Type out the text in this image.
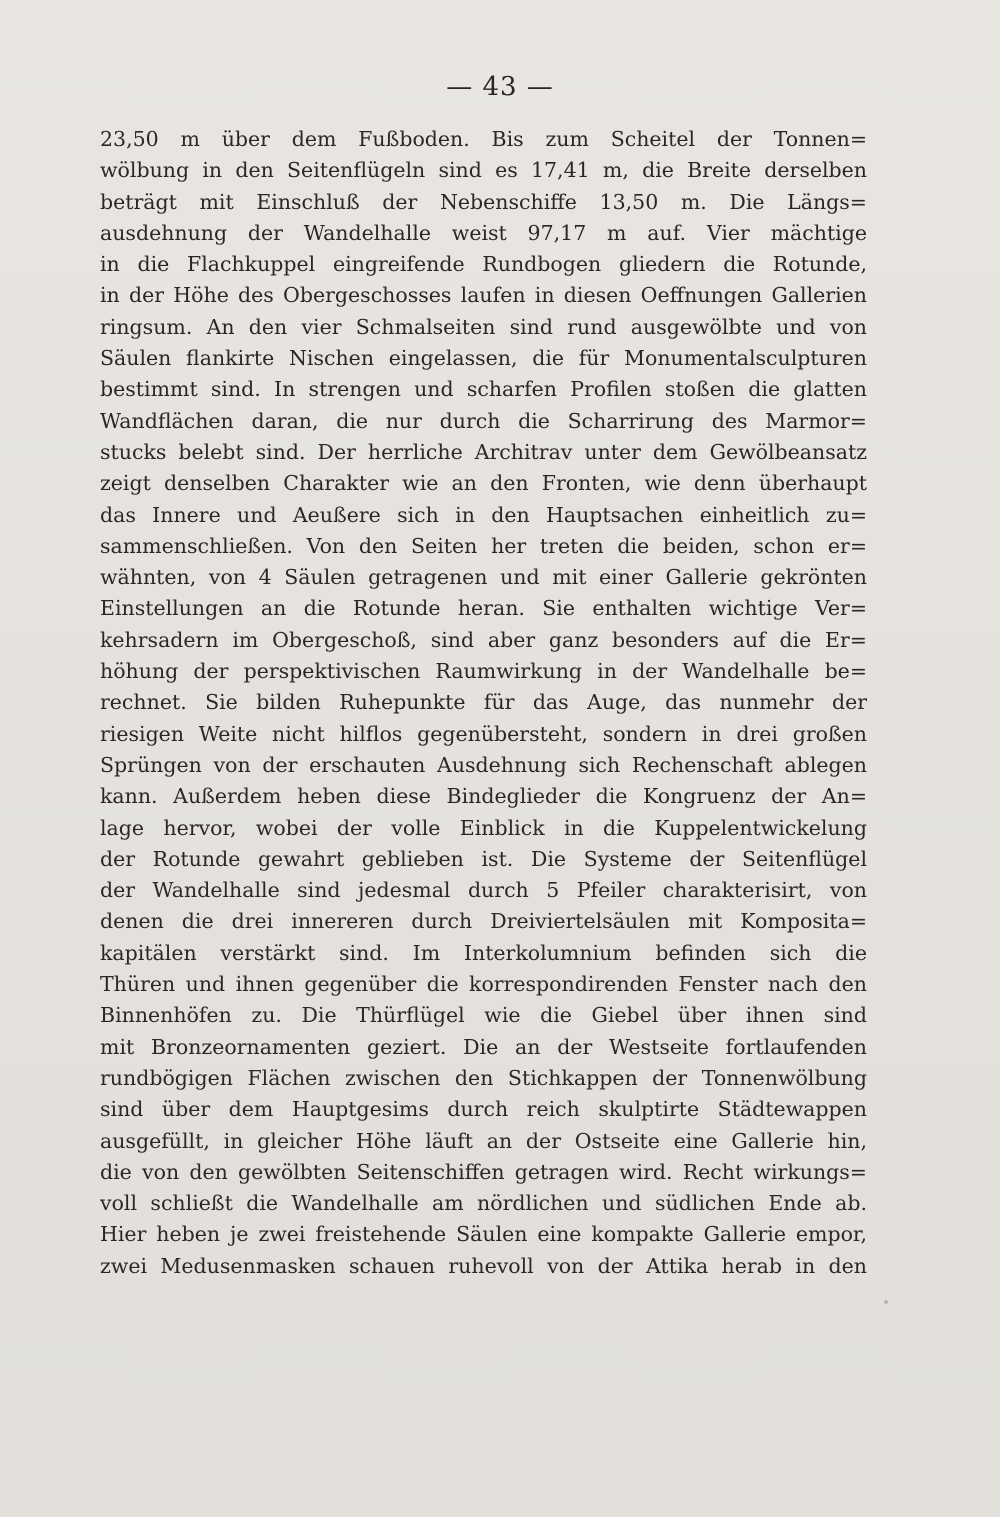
— 43 —
23,50 m über dem Fußboden. Bis zum Scheitel der Tonnen=
wölbung in den Seitenflügeln sind es 17,41 m, die Breite derselben
beträgt mit Einschluß der Nebenschiffe 13,50 m. Die Längs=
ausdehnung der Wandelhalle weist 97,17 m auf. Vier mächtige
in die Flachkuppel eingreifende Rundbogen gliedern die Rotunde,
in der Höhe des Obergeschosses laufen in diesen Oeffnungen Gallerien
ringsum. An den vier Schmalseiten sind rund ausgewölbte und von
Säulen flankirte Nischen eingelassen, die für Monumentalsculpturen
bestimmt sind. In strengen und scharfen Profilen stoßen die glatten
Wandflächen daran, die nur durch die Scharrirung des Marmor=
stucks belebt sind. Der herrliche Architrav unter dem Gewölbeansatz
zeigt denselben Charakter wie an den Fronten, wie denn überhaupt
das Innere und Aeußere sich in den Hauptsachen einheitlich zu=
sammenschließen. Von den Seiten her treten die beiden, schon er=
wähnten, von 4 Säulen getragenen und mit einer Gallerie gekrönten
Einstellungen an die Rotunde heran. Sie enthalten wichtige Ver=
kehrsadern im Obergeschoß, sind aber ganz besonders auf die Er=
höhung der perspektivischen Raumwirkung in der Wandelhalle be=
rechnet. Sie bilden Ruhepunkte für das Auge, das nunmehr der
riesigen Weite nicht hilflos gegenübersteht, sondern in drei großen
Sprüngen von der erschauten Ausdehnung sich Rechenschaft ablegen
kann. Außerdem heben diese Bindeglieder die Kongruenz der An=
lage hervor, wobei der volle Einblick in die Kuppelentwickelung
der Rotunde gewahrt geblieben ist. Die Systeme der Seitenflügel
der Wandelhalle sind jedesmal durch 5 Pfeiler charakterisirt, von
denen die drei innereren durch Dreiviertelsäulen mit Komposita=
kapitälen verstärkt sind. Im Interkolumnium befinden sich die
Thüren und ihnen gegenüber die korrespondirenden Fenster nach den
Binnenhöfen zu. Die Thürflügel wie die Giebel über ihnen sind
mit Bronzeornamenten geziert. Die an der Westseite fortlaufenden
rundbögigen Flächen zwischen den Stichkappen der Tonnenwölbung
sind über dem Hauptgesims durch reich skulptirte Städtewappen
ausgefüllt, in gleicher Höhe läuft an der Ostseite eine Gallerie hin,
die von den gewölbten Seitenschiffen getragen wird. Recht wirkungs=
voll schließt die Wandelhalle am nördlichen und südlichen Ende ab.
Hier heben je zwei freistehende Säulen eine kompakte Gallerie empor,
zwei Medusenmasken schauen ruhevoll von der Attika herab in den
